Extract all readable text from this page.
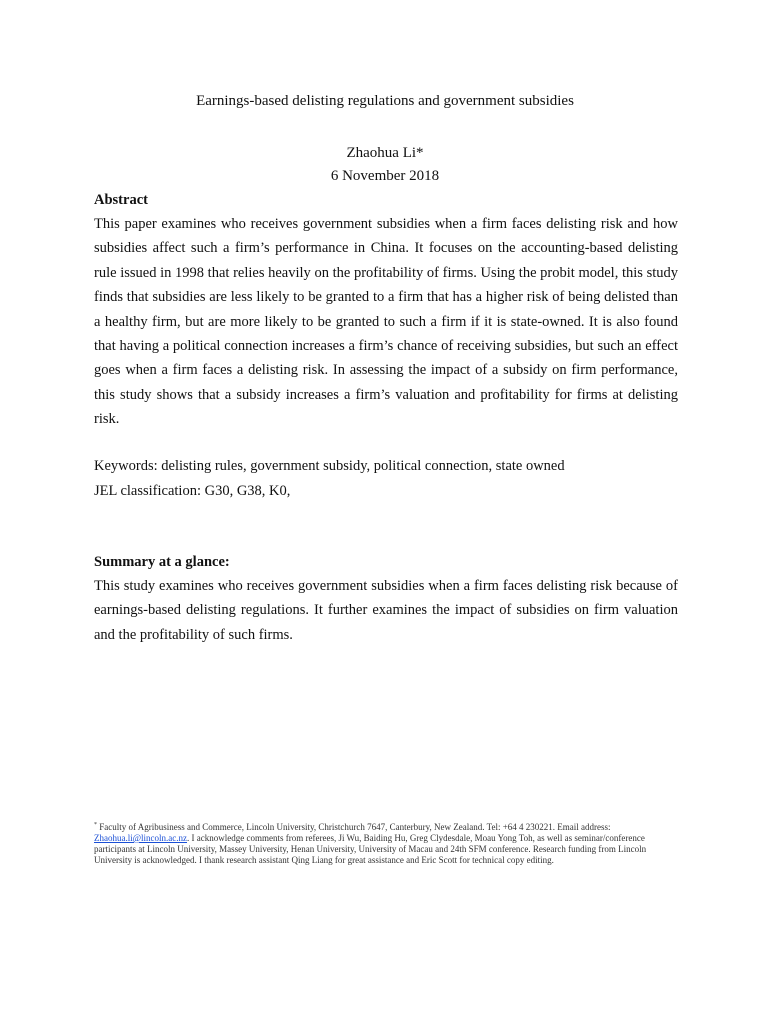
Earnings-based delisting regulations and government subsidies
Zhaohua Li*
6 November 2018
Abstract
This paper examines who receives government subsidies when a firm faces delisting risk and how subsidies affect such a firm’s performance in China. It focuses on the accounting-based delisting rule issued in 1998 that relies heavily on the profitability of firms. Using the probit model, this study finds that subsidies are less likely to be granted to a firm that has a higher risk of being delisted than a healthy firm, but are more likely to be granted to such a firm if it is state-owned. It is also found that having a political connection increases a firm’s chance of receiving subsidies, but such an effect goes when a firm faces a delisting risk. In assessing the impact of a subsidy on firm performance, this study shows that a subsidy increases a firm’s valuation and profitability for firms at delisting risk.
Keywords: delisting rules, government subsidy, political connection, state owned
JEL classification: G30, G38, K0,
Summary at a glance:
This study examines who receives government subsidies when a firm faces delisting risk because of earnings-based delisting regulations. It further examines the impact of subsidies on firm valuation and the profitability of such firms.
* Faculty of Agribusiness and Commerce, Lincoln University, Christchurch 7647, Canterbury, New Zealand. Tel: +64 4 230221. Email address: Zhaohua.li@lincoln.ac.nz. I acknowledge comments from referees, Ji Wu, Baiding Hu, Greg Clydesdale, Moau Yong Toh, as well as seminar/conference participants at Lincoln University, Massey University, Henan University, University of Macau and 24th SFM conference. Research funding from Lincoln University is acknowledged. I thank research assistant Qing Liang for great assistance and Eric Scott for technical copy editing.
